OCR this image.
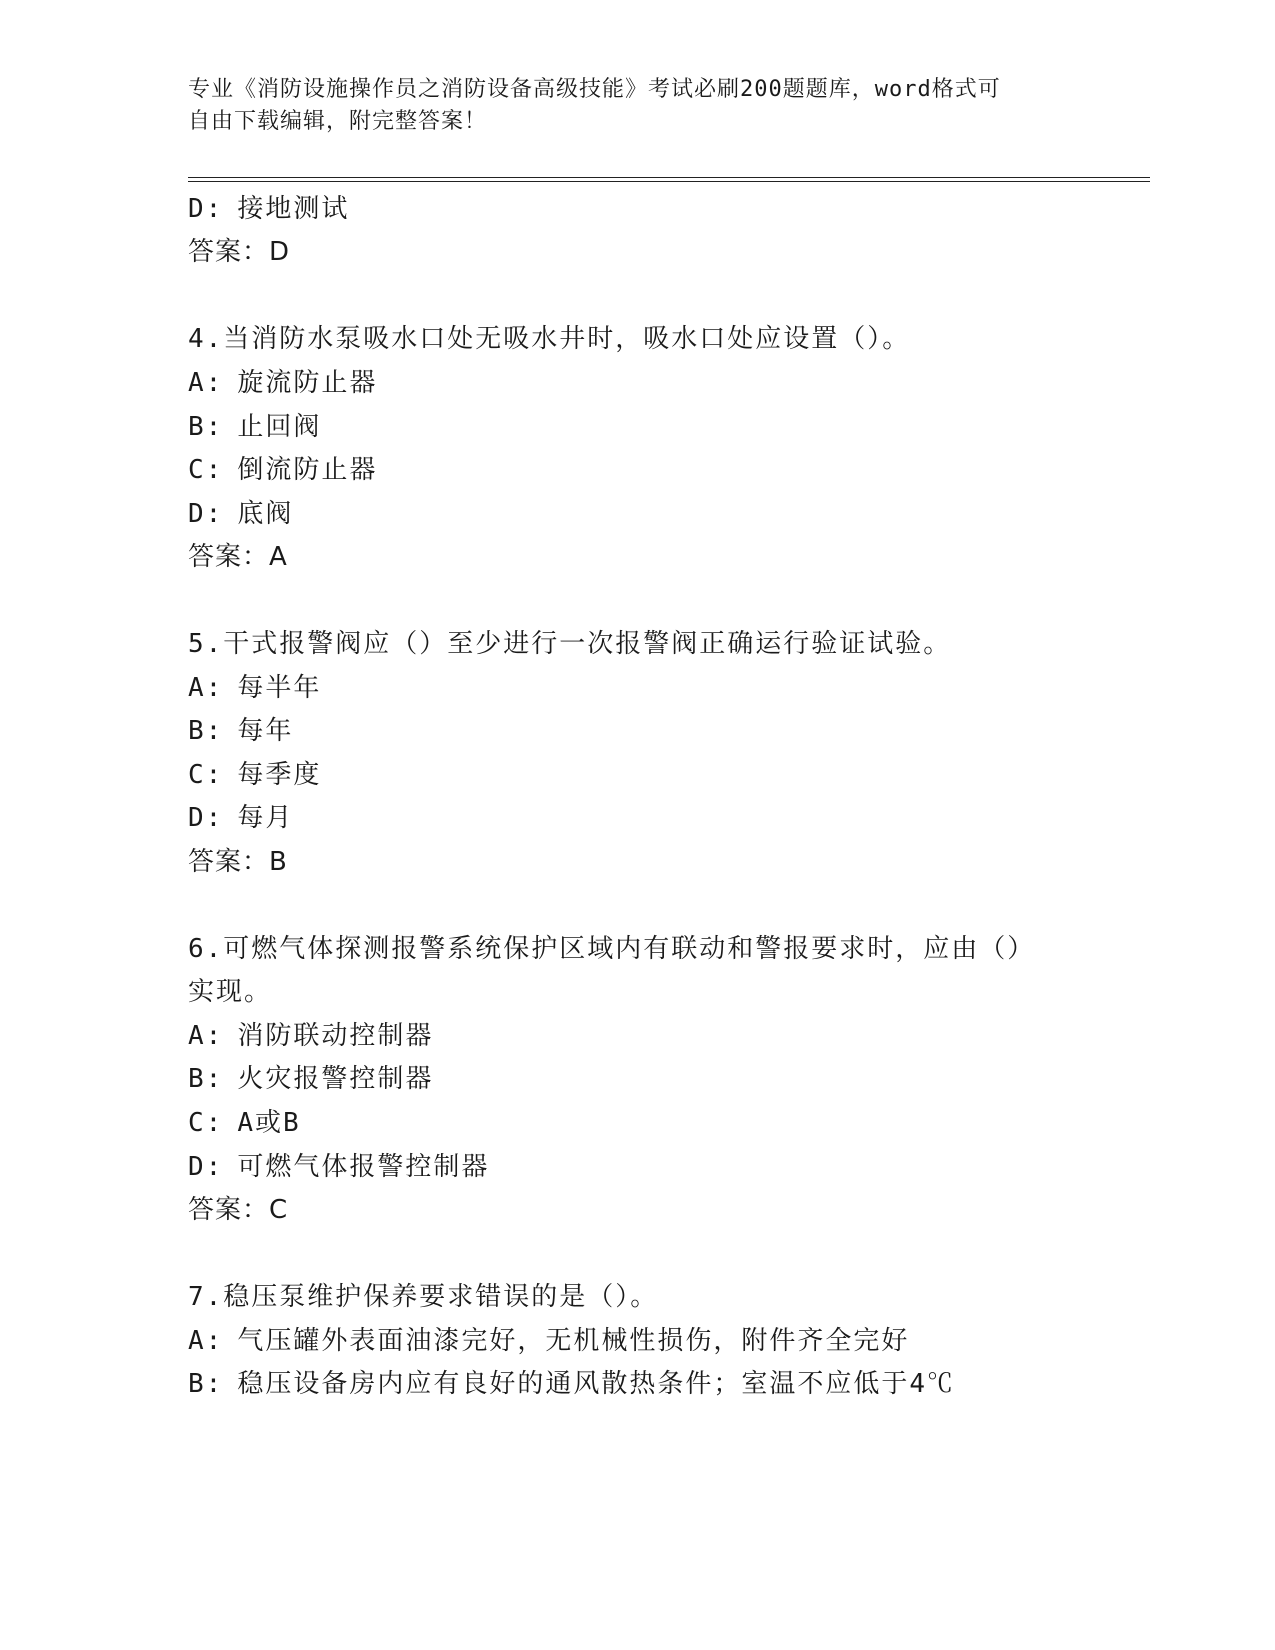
专业《消防设施操作员之消防设备高级技能》考试必刷200题题库，word格式可
自由下载编辑，附完整答案！
D: 接地测试
答案：D
4.当消防水泵吸水口处无吸水井时，吸水口处应设置（）。
A: 旋流防止器
B: 止回阀
C: 倒流防止器
D: 底阀
答案：A
5.干式报警阀应（）至少进行一次报警阀正确运行验证试验。
A: 每半年
B: 每年
C: 每季度
D: 每月
答案：B
6.可燃气体探测报警系统保护区域内有联动和警报要求时，应由（）
实现。
A: 消防联动控制器
B: 火灾报警控制器
C: A或B
D: 可燃气体报警控制器
答案：C
7.稳压泵维护保养要求错误的是（）。
A: 气压罐外表面油漆完好，无机械性损伤，附件齐全完好
B: 稳压设备房内应有良好的通风散热条件；室温不应低于4℃
